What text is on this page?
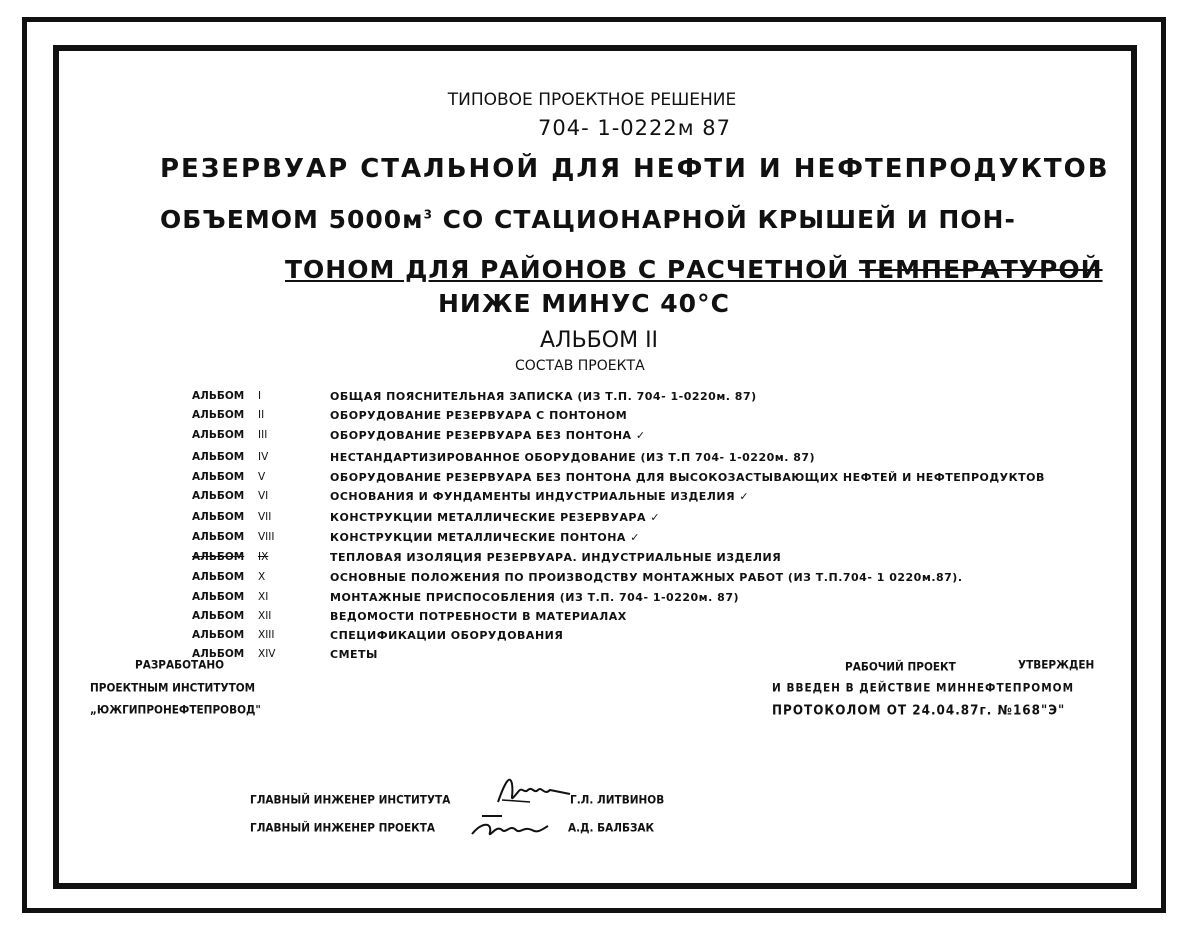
ТИПОВОЕ ПРОЕКТНОЕ РЕШЕНИЕ
704- 1-0222м 87
РЕЗЕРВУАР СТАЛЬНОЙ ДЛЯ НЕФТИ И НЕФТЕПРОДУКТОВ
ОБЪЕМОМ $5000м^3$ СО СТАЦИОНАРНОЙ КРЫШЕЙ И ПОН-
ТОНОМ ДЛЯ РАЙОНОВ С РАСЧЕТНОЙ ТЕМПЕРАТУРОЙ
НИЖЕ МИНУС 40°С
АЛЬБОМ II
СОСТАВ ПРОЕКТА
АЛЬБОМ I	ОБЩАЯ ПОЯСНИТЕЛЬНАЯ ЗАПИСКА (ИЗ Т.П. 704- 1-0220м. 87)
АЛЬБОМ II	ОБОРУДОВАНИЕ РЕЗЕРВУАРА С ПОНТОНОМ
АЛЬБОМ III	ОБОРУДОВАНИЕ РЕЗЕРВУАРА БЕЗ ПОНТОНА ✓
АЛЬБОМ IV	НЕСТАНДАРТИЗИРОВАННОЕ ОБОРУДОВАНИЕ (ИЗ Т.П 704- 1-0220м. 87)
АЛЬБОМ V	ОБОРУДОВАНИЕ РЕЗЕРВУАРА БЕЗ ПОНТОНА ДЛЯ ВЫСОКОЗАСТЫВАЮЩИХ НЕФТЕЙ И НЕФТЕПРОДУКТОВ
АЛЬБОМ VI	ОСНОВАНИЯ И ФУНДАМЕНТЫ ИНДУСТРИАЛЬНЫЕ ИЗДЕЛИЯ ✓
АЛЬБОМ VII	КОНСТРУКЦИИ МЕТАЛЛИЧЕСКИЕ РЕЗЕРВУАРА ✓
АЛЬБОМ VIII	КОНСТРУКЦИИ МЕТАЛЛИЧЕСКИЕ ПОНТОНА ✓
АЛЬБОМ IX	ТЕПЛОВАЯ ИЗОЛЯЦИЯ РЕЗЕРВУАРА. ИНДУСТРИАЛЬНЫЕ ИЗДЕЛИЯ
АЛЬБОМ X	ОСНОВНЫЕ ПОЛОЖЕНИЯ ПО ПРОИЗВОДСТВУ МОНТАЖНЫХ РАБОТ (ИЗ Т.П.704- 1 0220м.87).
АЛЬБОМ XI	МОНТАЖНЫЕ ПРИСПОСОБЛЕНИЯ (ИЗ Т.П. 704- 1-0220м. 87)
АЛЬБОМ XII	ВЕДОМОСТИ ПОТРЕБНОСТИ В МАТЕРИАЛАХ
АЛЬБОМ XIII	СПЕЦИФИКАЦИИ ОБОРУДОВАНИЯ
АЛЬБОМ XIV	СМЕТЫ
РАЗРАБОТАНО
ПРОЕКТНЫМ ИНСТИТУТОМ
„ЮЖГИПРОНЕФТЕПРОВОД"
РАБОЧИЙ ПРОЕКТ	УТВЕРЖДЕН
И ВВЕДЕН В ДЕЙСТВИЕ МИННЕФТЕПРОМОМ
ПРОТОКОЛОМ ОТ 24.04.87г. №168"Э"
ГЛАВНЫЙ ИНЖЕНЕР ИНСТИТУТА	Г.Л. ЛИТВИНОВ
ГЛАВНЫЙ ИНЖЕНЕР ПРОЕКТА	А.Д. БАЛБЗАК
